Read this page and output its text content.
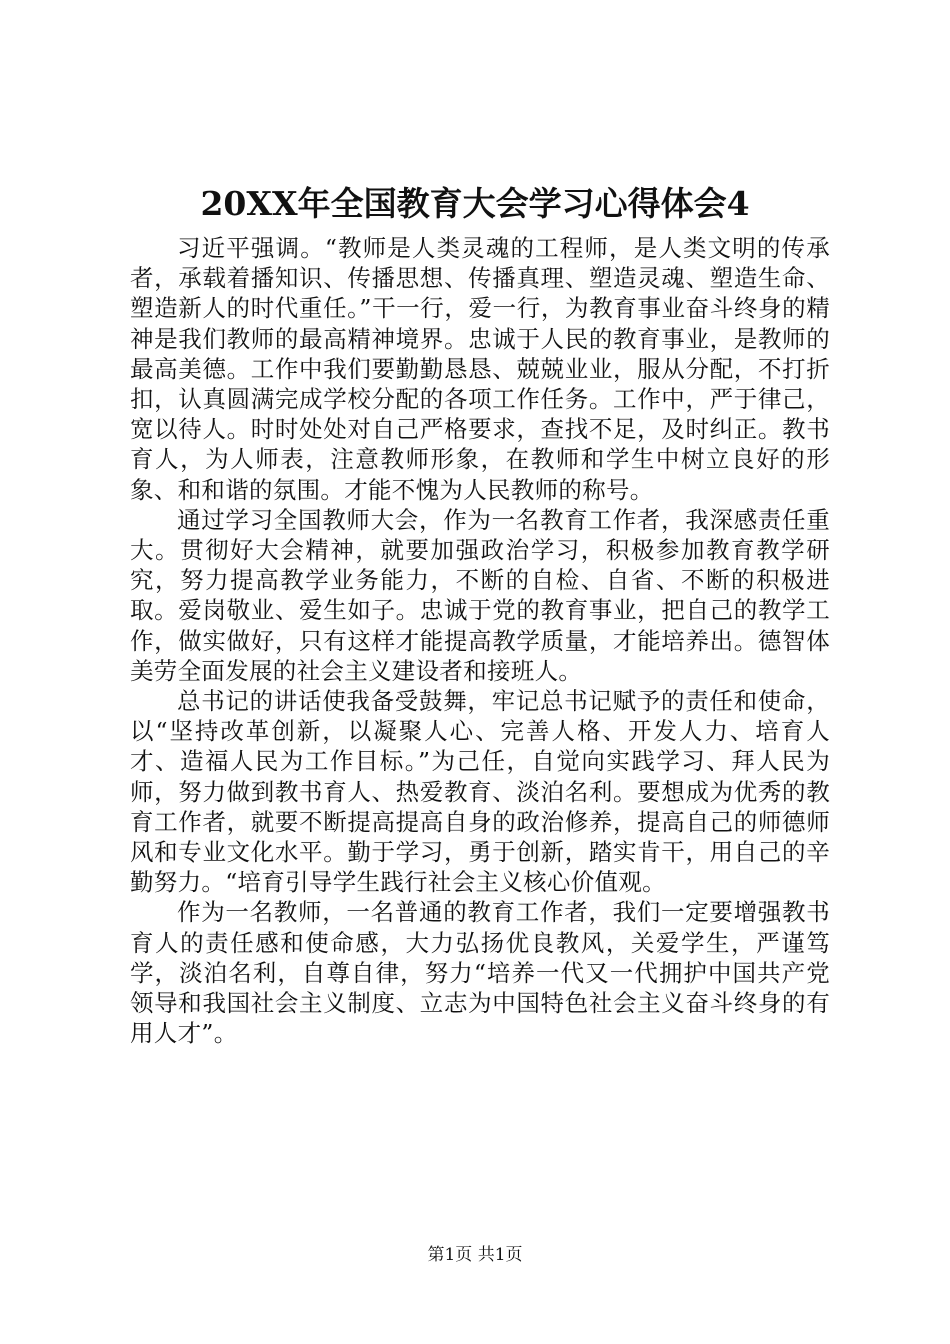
20XX年全国教育大会学习心得体会4

习近平强调。“教师是人类灵魂的工程师，是人类文明的传承者，承载着播知识、传播思想、传播真理、塑造灵魂、塑造生命、塑造新人的时代重任。”干一行，爱一行，为教育事业奋斗终身的精神是我们教师的最高精神境界。忠诚于人民的教育事业，是教师的最高美德。工作中我们要勤勤恳恳、兢兢业业，服从分配，不打折扣，认真圆满完成学校分配的各项工作任务。工作中，严于律己，宽以待人。时时处处对自己严格要求，查找不足，及时纠正。教书育人，为人师表，注意教师形象，在教师和学生中树立良好的形象、和和谐的氛围。才能不愧为人民教师的称号。

通过学习全国教师大会，作为一名教育工作者，我深感责任重大。贯彻好大会精神，就要加强政治学习，积极参加教育教学研究，努力提高教学业务能力，不断的自检、自省、不断的积极进取。爱岗敬业、爱生如子。忠诚于党的教育事业，把自己的教学工作，做实做好，只有这样才能提高教学质量，才能培养出。德智体美劳全面发展的社会主义建设者和接班人。

总书记的讲话使我备受鼓舞，牢记总书记赋予的责任和使命，以“坚持改革创新，以凝聚人心、完善人格、开发人力、培育人才、造福人民为工作目标。”为己任，自觉向实践学习、拜人民为师，努力做到教书育人、热爱教育、淡泊名利。要想成为优秀的教育工作者，就要不断提高提高自身的政治修养，提高自己的师德师风和专业文化水平。勤于学习，勇于创新，踏实肯干，用自己的辛勤努力。“培育引导学生践行社会主义核心价值观。

作为一名教师，一名普通的教育工作者，我们一定要增强教书育人的责任感和使命感，大力弘扬优良教风，关爱学生，严谨笃学，淡泊名利，自尊自律，努力“培养一代又一代拥护中国共产党领导和我国社会主义制度、立志为中国特色社会主义奋斗终身的有用人才”。

第1页 共1页
